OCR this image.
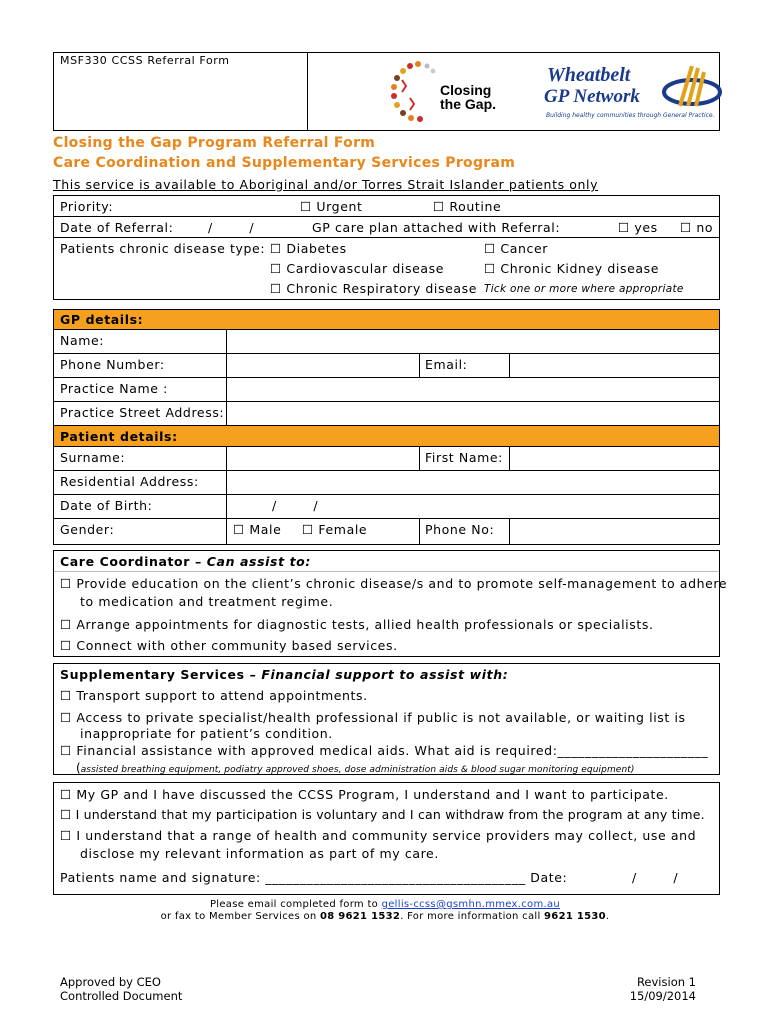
MSF330 CCSS Referral Form
Closing
the Gap.
Wheatbelt
GP Network
Building healthy communities through General Practice.
Closing the Gap Program Referral Form
Care Coordination and Supplementary Services Program
This service is available to Aboriginal and/or Torres Strait Islander patients only
Priority: ☐	Urgent ☐	Routine
Date of Referral:	/        /	GP care plan attached with Referral: ☐	yes ☐	no
Patients chronic disease type: ☐	Diabetes ☐	Cancer
☐ Cardiovascular disease ☐	Chronic Kidney disease
☐ Chronic Respiratory disease Tick one or more where appropriate
GP details:
Name:
Phone Number:	Email:
Practice Name :
Practice Street Address:
Patient details:
Surname:	First Name:
Residential Address:
Date of Birth:	/        /
Gender: ☐	Male ☐	Female	Phone No:
Care Coordinator – Can assist to:
☐ Provide education on the client’s chronic disease/s and to promote self-management to adhere
to medication and treatment regime.
☐ Arrange appointments for diagnostic tests, allied health professionals or specialists.
☐ Connect with other community based services.
Supplementary Services – Financial support to assist with:
☐ Transport support to attend appointments.
☐ Access to private specialist/health professional if public is not available, or waiting list is
inappropriate for patient’s condition.
☐ Financial assistance with approved medical aids. What aid is required:______________________
(assisted breathing equipment, podiatry approved shoes, dose administration aids & blood sugar monitoring equipment)
☐ My GP and I have discussed the CCSS Program, I understand and I want to participate.
☐ I understand that my participation is voluntary and I can withdraw from the program at any time.
☐ I understand that a range of health and community service providers may collect, use and
disclose my relevant information as part of my care.
Patients name and signature: ______________________________________ Date:	/        /
Please email completed form to gellis-ccss@gsmhn.mmex.com.au
or fax to Member Services on 08 9621 1532. For more information call 9621 1530.
Approved by CEO
Controlled Document
Revision 1
15/09/2014
